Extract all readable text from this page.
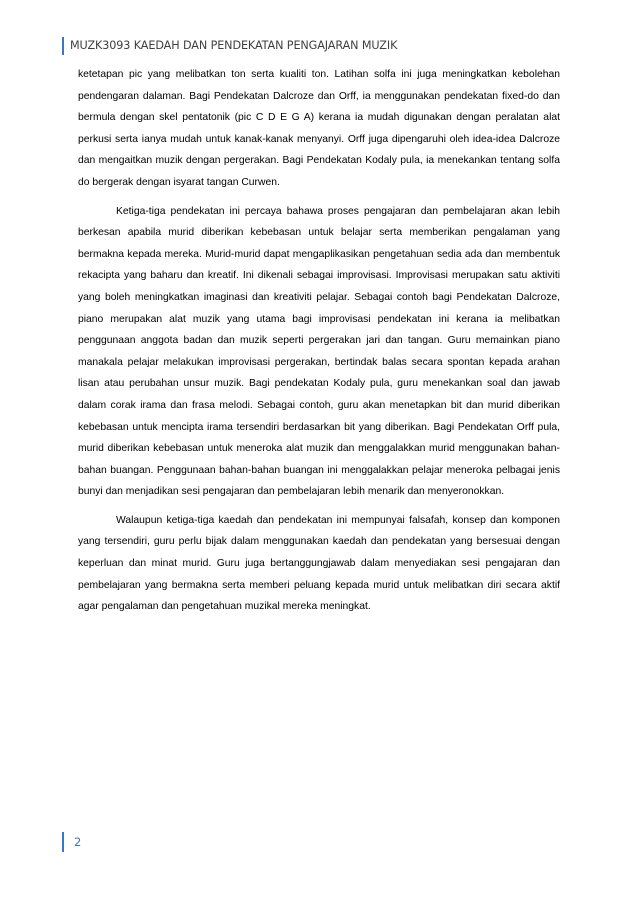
MUZK3093 KAEDAH DAN PENDEKATAN PENGAJARAN MUZIK

ketetapan pic yang melibatkan ton serta kualiti ton. Latihan solfa ini juga meningkatkan kebolehan pendengaran dalaman. Bagi Pendekatan Dalcroze dan Orff, ia menggunakan pendekatan fixed-do dan bermula dengan skel pentatonik (pic C D E G A) kerana ia mudah digunakan dengan peralatan alat perkusi serta ianya mudah untuk kanak-kanak menyanyi. Orff juga dipengaruhi oleh idea-idea Dalcroze dan mengaitkan muzik dengan pergerakan. Bagi Pendekatan Kodaly pula, ia menekankan tentang solfa do bergerak dengan isyarat tangan Curwen.

Ketiga-tiga pendekatan ini percaya bahawa proses pengajaran dan pembelajaran akan lebih berkesan apabila murid diberikan kebebasan untuk belajar serta memberikan pengalaman yang bermakna kepada mereka. Murid-murid dapat mengaplikasikan pengetahuan sedia ada dan membentuk rekacipta yang baharu dan kreatif. Ini dikenali sebagai improvisasi. Improvisasi merupakan satu aktiviti yang boleh meningkatkan imaginasi dan kreativiti pelajar. Sebagai contoh bagi Pendekatan Dalcroze, piano merupakan alat muzik yang utama bagi improvisasi pendekatan ini kerana ia melibatkan penggunaan anggota badan dan muzik seperti pergerakan jari dan tangan. Guru memainkan piano manakala pelajar melakukan improvisasi pergerakan, bertindak balas secara spontan kepada arahan lisan atau perubahan unsur muzik. Bagi pendekatan Kodaly pula, guru menekankan soal dan jawab dalam corak irama dan frasa melodi. Sebagai contoh, guru akan menetapkan bit dan murid diberikan kebebasan untuk mencipta irama tersendiri berdasarkan bit yang diberikan. Bagi Pendekatan Orff pula, murid diberikan kebebasan untuk meneroka alat muzik dan menggalakkan murid menggunakan bahan-bahan buangan. Penggunaan bahan-bahan buangan ini menggalakkan pelajar meneroka pelbagai jenis bunyi dan menjadikan sesi pengajaran dan pembelajaran lebih menarik dan menyeronokkan.

Walaupun ketiga-tiga kaedah dan pendekatan ini mempunyai falsafah, konsep dan komponen yang tersendiri, guru perlu bijak dalam menggunakan kaedah dan pendekatan yang bersesuai dengan keperluan dan minat murid. Guru juga bertanggungjawab dalam menyediakan sesi pengajaran dan pembelajaran yang bermakna serta memberi peluang kepada murid untuk melibatkan diri secara aktif agar pengalaman dan pengetahuan muzikal mereka meningkat.

2
